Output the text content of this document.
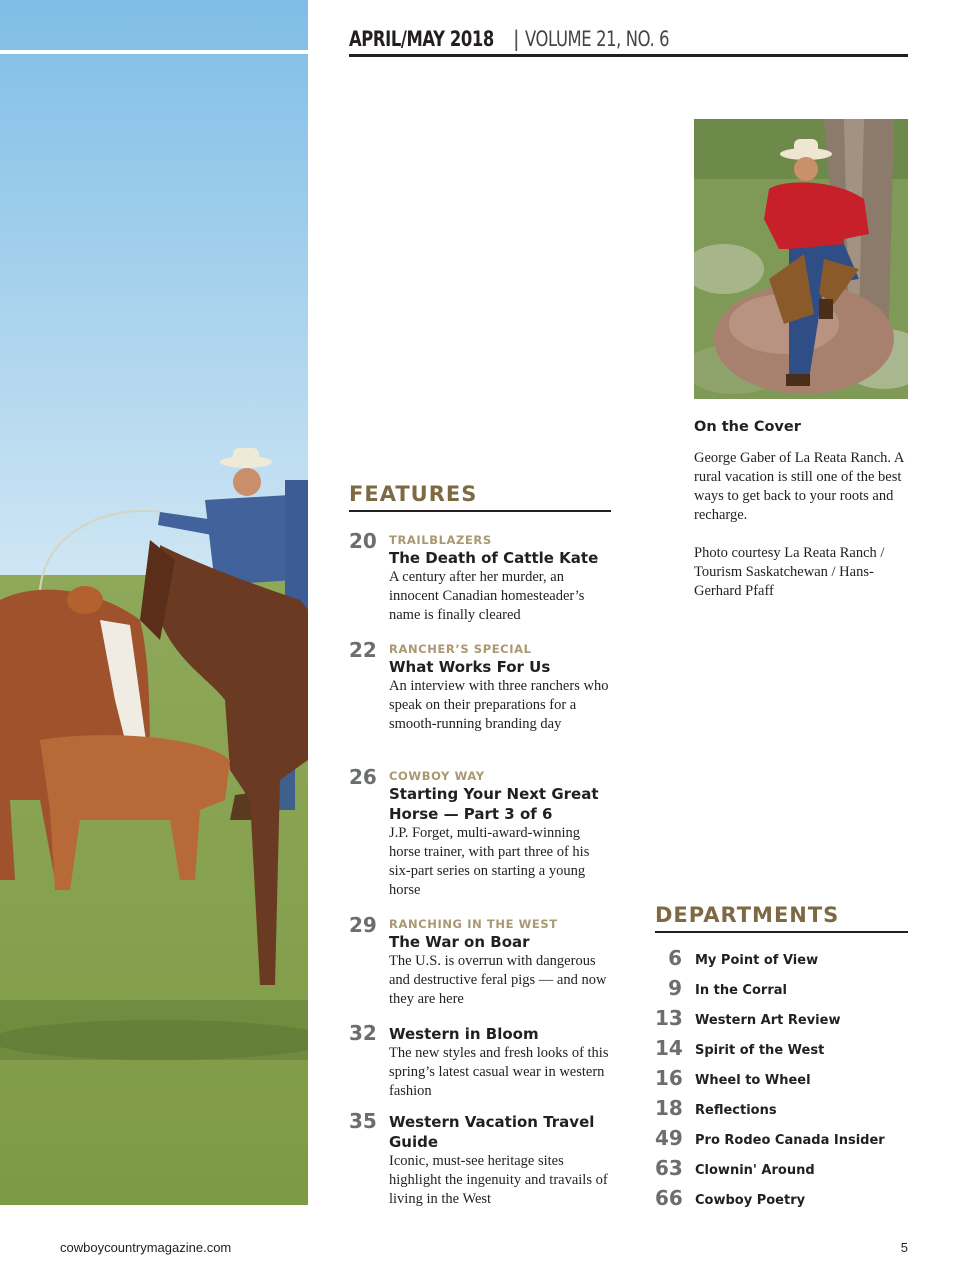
APRIL/MAY 2018 | VOLUME 21, NO. 6
FEATURES
20 TRAILBLAZERS
The Death of Cattle Kate
A century after her murder, an innocent Canadian homesteader’s name is finally cleared
22 RANCHER’S SPECIAL
What Works For Us
An interview with three ranchers who speak on their preparations for a smooth-running branding day
26 COWBOY WAY
Starting Your Next Great Horse — Part 3 of 6
J.P. Forget, multi-award-winning horse trainer, with part three of his six-part series on starting a young horse
29 RANCHING IN THE WEST
The War on Boar
The U.S. is overrun with dangerous and destructive feral pigs — and now they are here
32 Western in Bloom
The new styles and fresh looks of this spring’s latest casual wear in western fashion
35 Western Vacation Travel Guide
Iconic, must-see heritage sites highlight the ingenuity and travails of living in the West
On the Cover
George Gaber of La Reata Ranch. A rural vacation is still one of the best ways to get back to your roots and recharge.
Photo courtesy La Reata Ranch / Tourism Saskatchewan / Hans-Gerhard Pfaff
DEPARTMENTS
6 My Point of View
9 In the Corral
13 Western Art Review
14 Spirit of the West
16 Wheel to Wheel
18 Reflections
49 Pro Rodeo Canada Insider
63 Clownin' Around
66 Cowboy Poetry
cowboycountrymagazine.com	5
